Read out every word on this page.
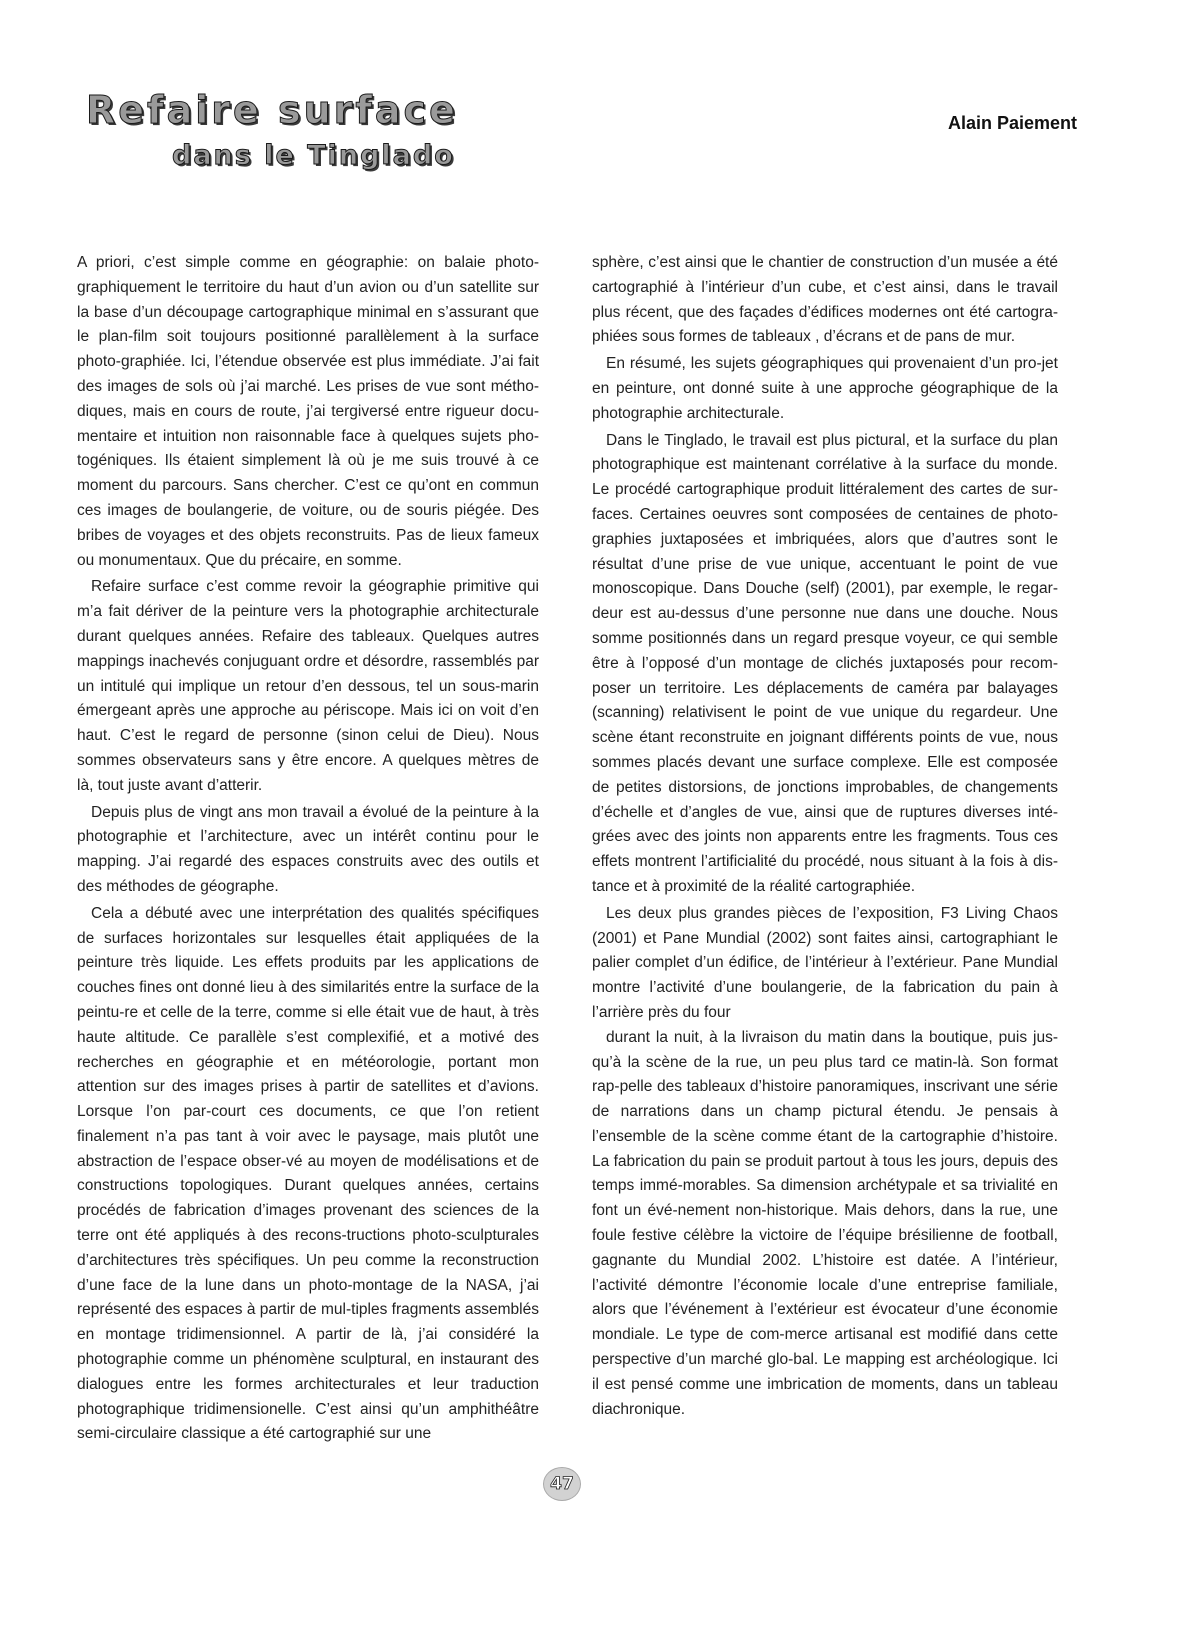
Refaire surface
dans le Tinglado
Alain Paiement

A priori, c’est simple comme en géographie: on balaie photo-graphiquement le territoire du haut d’un avion ou d’un satellite sur la base d’un découpage cartographique minimal en s’assurant que le plan-film soit toujours positionné parallèlement à la surface photo-graphiée. Ici, l’étendue observée est plus immédiate. J’ai fait des images de sols où j’ai marché. Les prises de vue sont métho-diques, mais en cours de route, j’ai tergiversé entre rigueur docu-mentaire et intuition non raisonnable face à quelques sujets pho-togéniques. Ils étaient simplement là où je me suis trouvé à ce moment du parcours. Sans chercher. C’est ce qu’ont en commun ces images de boulangerie, de voiture, ou de souris piégée. Des bribes de voyages et des objets reconstruits. Pas de lieux fameux ou monumentaux. Que du précaire, en somme.

Refaire surface c’est comme revoir la géographie primitive qui m’a fait dériver de la peinture vers la photographie architecturale durant quelques années. Refaire des tableaux. Quelques autres mappings inachevés conjuguant ordre et désordre, rassemblés par un intitulé qui implique un retour d’en dessous, tel un sous-marin émergeant après une approche au périscope. Mais ici on voit d’en haut. C’est le regard de personne (sinon celui de Dieu). Nous sommes observateurs sans y être encore. A quelques mètres de là, tout juste avant d’atterir.

Depuis plus de vingt ans mon travail a évolué de la peinture à la photographie et l’architecture, avec un intérêt continu pour le mapping. J’ai regardé des espaces construits avec des outils et des méthodes de géographe.

Cela a débuté avec une interprétation des qualités spécifiques de surfaces horizontales sur lesquelles était appliquées de la peinture très liquide. Les effets produits par les applications de couches fines ont donné lieu à des similarités entre la surface de la peintu-re et celle de la terre, comme si elle était vue de haut, à très haute altitude. Ce parallèle s’est complexifié, et a motivé des recherches en géographie et en météorologie, portant mon attention sur des images prises à partir de satellites et d’avions. Lorsque l’on par-court ces documents, ce que l’on retient finalement n’a pas tant à voir avec le paysage, mais plutôt une abstraction de l’espace obser-vé au moyen de modélisations et de constructions topologiques. Durant quelques années, certains procédés de fabrication d’images provenant des sciences de la terre ont été appliqués à des recons-tructions photo-sculpturales d’architectures très spécifiques. Un peu comme la reconstruction d’une face de la lune dans un photo-montage de la NASA, j’ai représenté des espaces à partir de mul-tiples fragments assemblés en montage tridimensionnel. A partir de là, j’ai considéré la photographie comme un phénomène sculptural, en instaurant des dialogues entre les formes architecturales et leur traduction photographique tridimensionelle. C’est ainsi qu’un amphithéâtre semi-circulaire classique a été cartographié sur une

sphère, c’est ainsi que le chantier de construction d’un musée a été cartographié à l’intérieur d’un cube, et c’est ainsi, dans le travail plus récent, que des façades d’édifices modernes ont été cartogra-phiées sous formes de tableaux , d’écrans et de pans de mur.

En résumé, les sujets géographiques qui provenaient d’un pro-jet en peinture, ont donné suite à une approche géographique de la photographie architecturale.

Dans le Tinglado, le travail est plus pictural, et la surface du plan photographique est maintenant corrélative à la surface du monde. Le procédé cartographique produit littéralement des cartes de sur-faces. Certaines oeuvres sont composées de centaines de photo-graphies juxtaposées et imbriquées, alors que d’autres sont le résultat d’une prise de vue unique, accentuant le point de vue monoscopique. Dans Douche (self) (2001), par exemple, le regar-deur est au-dessus d’une personne nue dans une douche. Nous somme positionnés dans un regard presque voyeur, ce qui semble être à l’opposé d’un montage de clichés juxtaposés pour recom-poser un territoire. Les déplacements de caméra par balayages (scanning) relativisent le point de vue unique du regardeur. Une scène étant reconstruite en joignant différents points de vue, nous sommes placés devant une surface complexe. Elle est composée de petites distorsions, de jonctions improbables, de changements d’échelle et d’angles de vue, ainsi que de ruptures diverses inté-grées avec des joints non apparents entre les fragments. Tous ces effets montrent l’artificialité du procédé, nous situant à la fois à dis-tance et à proximité de la réalité cartographiée.

Les deux plus grandes pièces de l’exposition, F3 Living Chaos (2001) et Pane Mundial (2002) sont faites ainsi, cartographiant le palier complet d’un édifice, de l’intérieur à l’extérieur. Pane Mundial montre l’activité d’une boulangerie, de la fabrication du pain à l’arrière près du four

durant la nuit, à la livraison du matin dans la boutique, puis jus-qu’à la scène de la rue, un peu plus tard ce matin-là. Son format rap-pelle des tableaux d’histoire panoramiques, inscrivant une série de narrations dans un champ pictural étendu. Je pensais à l’ensemble de la scène comme étant de la cartographie d’histoire. La fabrication du pain se produit partout à tous les jours, depuis des temps immé-morables. Sa dimension archétypale et sa trivialité en font un évé-nement non-historique. Mais dehors, dans la rue, une foule festive célèbre la victoire de l’équipe brésilienne de football, gagnante du Mundial 2002. L’histoire est datée. A l’intérieur, l’activité démontre l’économie locale d’une entreprise familiale, alors que l’événement à l’extérieur est évocateur d’une économie mondiale. Le type de com-merce artisanal est modifié dans cette perspective d’un marché glo-bal. Le mapping est archéologique. Ici il est pensé comme une imbrication de moments, dans un tableau diachronique.

47
